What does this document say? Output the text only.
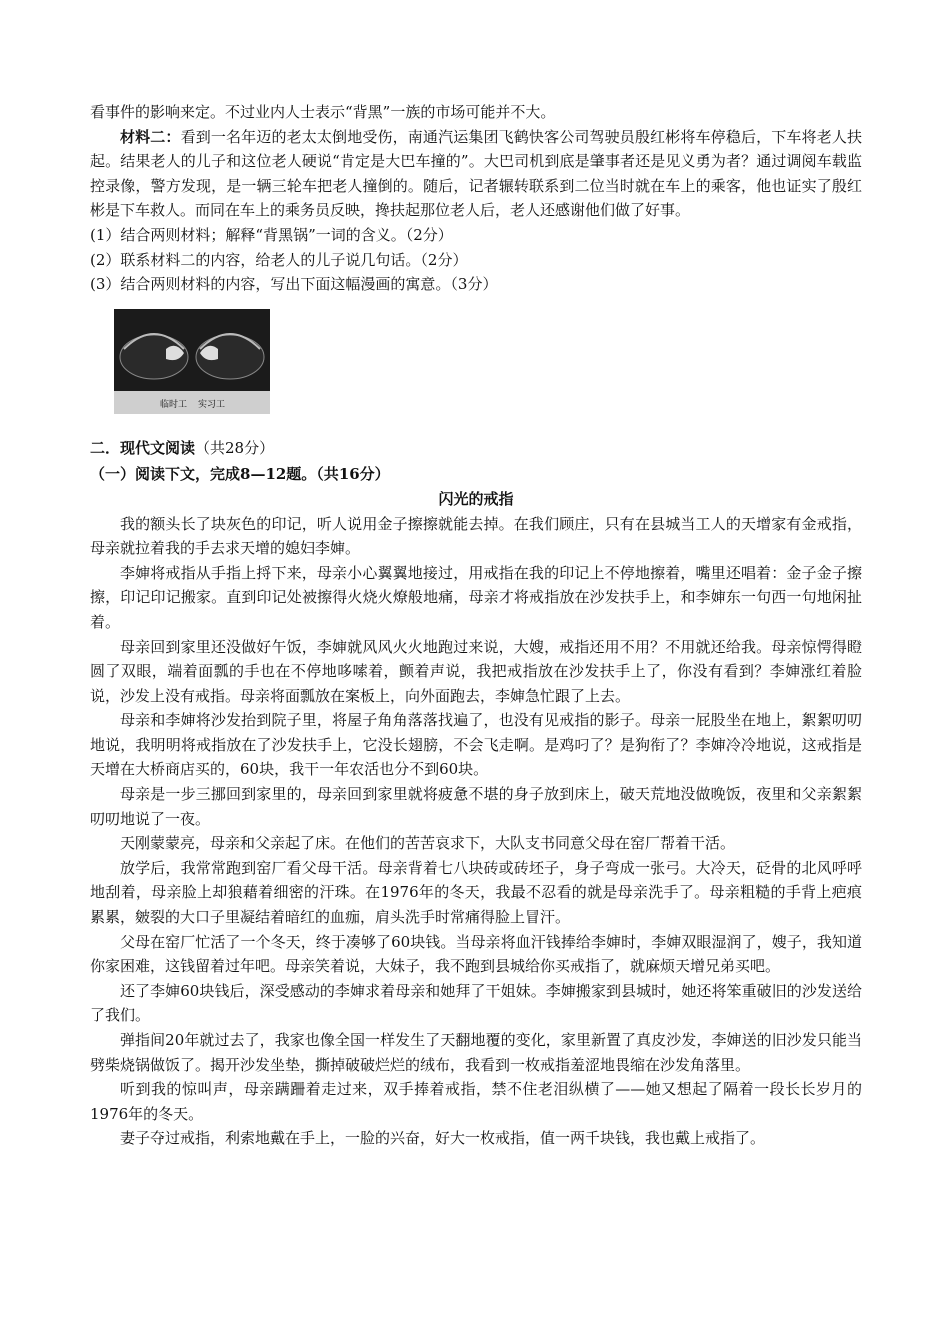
看事件的影响来定。不过业内人士表示“背黑”一族的市场可能并不大。

材料二：看到一名年迈的老太太倒地受伤，南通汽运集团飞鹤快客公司驾驶员殷红彬将车停稳后，下车将老人扶起。结果老人的儿子和这位老人硬说“肯定是大巴车撞的”。大巴司机到底是肇事者还是见义勇为者？通过调阅车载监控录像，警方发现，是一辆三轮车把老人撞倒的。随后，记者辗转联系到二位当时就在车上的乘客，他也证实了殷红彬是下车救人。而同在车上的乘务员反映，搀扶起那位老人后，老人还感谢他们做了好事。

(1）结合两则材料；解释“背黑锅”一词的含义。（2分）

(2）联系材料二的内容，给老人的儿子说几句话。（2分）

(3）结合两则材料的内容，写出下面这幅漫画的寓意。（3分）

临时工 实习工

二．现代文阅读（共28分）

（一）阅读下文，完成8—12题。（共16分）

闪光的戒指

我的额头长了块灰色的印记，听人说用金子擦擦就能去掉。在我们顾庄，只有在县城当工人的天增家有金戒指，母亲就拉着我的手去求天增的媳妇李婶。

李婶将戒指从手指上捋下来，母亲小心翼翼地接过，用戒指在我的印记上不停地擦着，嘴里还唱着：金子金子擦擦，印记印记搬家。直到印记处被擦得火烧火燎般地痛，母亲才将戒指放在沙发扶手上，和李婶东一句西一句地闲扯着。

母亲回到家里还没做好午饭，李婶就风风火火地跑过来说，大嫂，戒指还用不用？不用就还给我。母亲惊愕得瞪圆了双眼，端着面瓢的手也在不停地哆嗦着，颤着声说，我把戒指放在沙发扶手上了，你没有看到？李婶涨红着脸说，沙发上没有戒指。母亲将面瓢放在案板上，向外面跑去，李婶急忙跟了上去。

母亲和李婶将沙发抬到院子里，将屋子角角落落找遍了，也没有见戒指的影子。母亲一屁股坐在地上，絮絮叨叨地说，我明明将戒指放在了沙发扶手上，它没长翅膀，不会飞走啊。是鸡叼了？是狗衔了？李婶冷冷地说，这戒指是天增在大桥商店买的，60块，我干一年农活也分不到60块。

母亲是一步三挪回到家里的，母亲回到家里就将疲惫不堪的身子放到床上，破天荒地没做晚饭，夜里和父亲絮絮叨叨地说了一夜。

天刚蒙蒙亮，母亲和父亲起了床。在他们的苦苦哀求下，大队支书同意父母在窑厂帮着干活。

放学后，我常常跑到窑厂看父母干活。母亲背着七八块砖或砖坯子，身子弯成一张弓。大冷天，砭骨的北风呼呼地刮着，母亲脸上却狼藉着细密的汗珠。在1976年的冬天，我最不忍看的就是母亲洗手了。母亲粗糙的手背上疤痕累累，皴裂的大口子里凝结着暗红的血痂，肩头洗手时常痛得脸上冒汗。

父母在窑厂忙活了一个冬天，终于凑够了60块钱。当母亲将血汗钱捧给李婶时，李婶双眼湿润了，嫂子，我知道你家困难，这钱留着过年吧。母亲笑着说，大妹子，我不跑到县城给你买戒指了，就麻烦天增兄弟买吧。

还了李婶60块钱后，深受感动的李婶求着母亲和她拜了干姐妹。李婶搬家到县城时，她还将笨重破旧的沙发送给了我们。

弹指间20年就过去了，我家也像全国一样发生了天翻地覆的变化，家里新置了真皮沙发，李婶送的旧沙发只能当劈柴烧锅做饭了。揭开沙发坐垫，撕掉破破烂烂的绒布，我看到一枚戒指羞涩地畏缩在沙发角落里。

听到我的惊叫声，母亲蹒跚着走过来，双手捧着戒指，禁不住老泪纵横了——她又想起了隔着一段长长岁月的1976年的冬天。

妻子夺过戒指，利索地戴在手上，一脸的兴奋，好大一枚戒指，值一两千块钱，我也戴上戒指了。
